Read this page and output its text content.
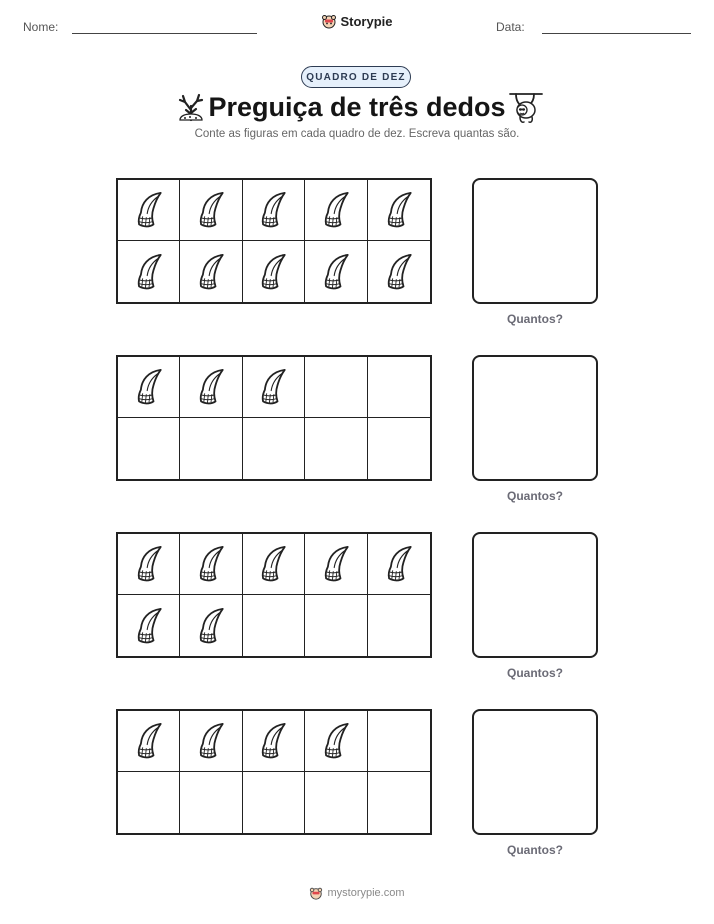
Nome:	Storypie	Data:
QUADRO DE DEZ
Preguiça de três dedos
Conte as figuras em cada quadro de dez. Escreva quantas são.
Quantos?
Quantos?
Quantos?
Quantos?
mystorypie.com
